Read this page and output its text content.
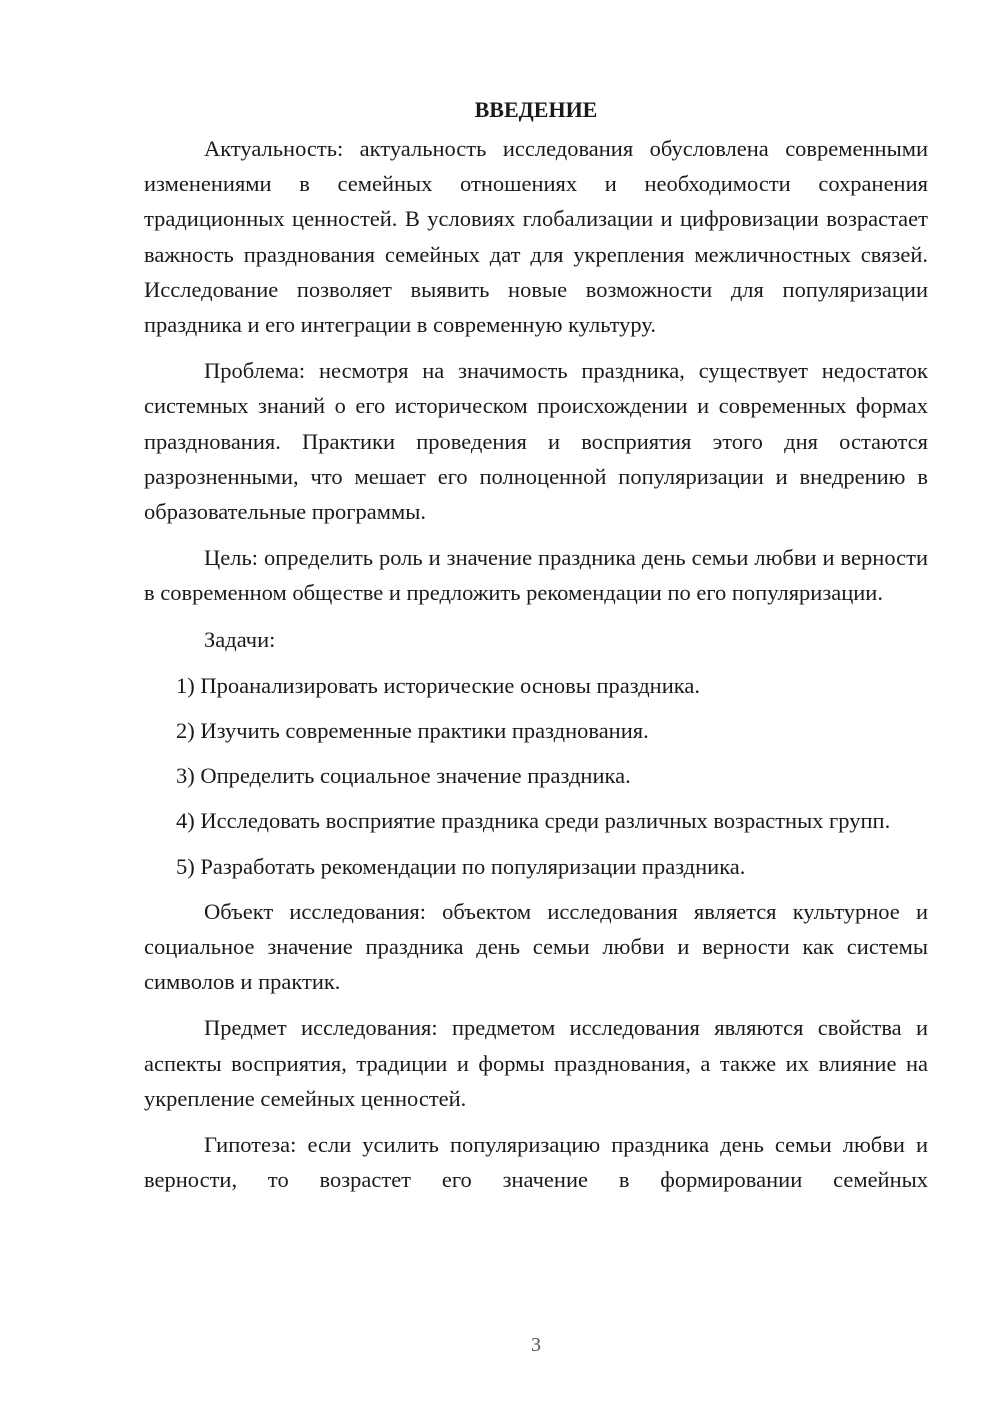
ВВЕДЕНИЕ

Актуальность: актуальность исследования обусловлена современными изменениями в семейных отношениях и необходимости сохранения традиционных ценностей. В условиях глобализации и цифровизации возрастает важность празднования семейных дат для укрепления межличностных связей. Исследование позволяет выявить новые возможности для популяризации праздника и его интеграции в современную культуру.

Проблема: несмотря на значимость праздника, существует недостаток системных знаний о его историческом происхождении и современных формах празднования. Практики проведения и восприятия этого дня остаются разрозненными, что мешает его полноценной популяризации и внедрению в образовательные программы.

Цель: определить роль и значение праздника день семьи любви и верности в современном обществе и предложить рекомендации по его популяризации.

Задачи:

1) Проанализировать исторические основы праздника.

2) Изучить современные практики празднования.

3) Определить социальное значение праздника.

4) Исследовать восприятие праздника среди различных возрастных групп.

5) Разработать рекомендации по популяризации праздника.

Объект исследования: объектом исследования является культурное и социальное значение праздника день семьи любви и верности как системы символов и практик.

Предмет исследования: предметом исследования являются свойства и аспекты восприятия, традиции и формы празднования, а также их влияние на укрепление семейных ценностей.

Гипотеза: если усилить популяризацию праздника день семьи любви и верности, то возрастет его значение в формировании семейных

3
